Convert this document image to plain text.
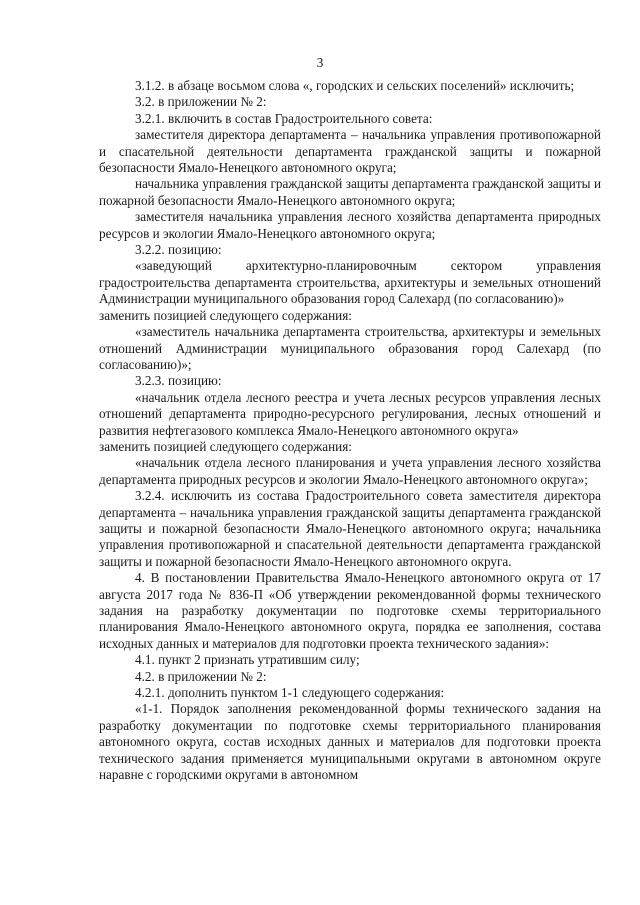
3

3.1.2. в абзаце восьмом слова «, городских и сельских поселений» исключить;

3.2. в приложении № 2:

3.2.1. включить в состав Градостроительного совета:

заместителя директора департамента – начальника управления противопожарной и спасательной деятельности департамента гражданской защиты и пожарной безопасности Ямало-Ненецкого автономного округа;

начальника управления гражданской защиты департамента гражданской защиты и пожарной безопасности Ямало-Ненецкого автономного округа;

заместителя начальника управления лесного хозяйства департамента природных ресурсов и экологии Ямало-Ненецкого автономного округа;

3.2.2. позицию:

«заведующий архитектурно-планировочным сектором управления градостроительства департамента строительства, архитектуры и земельных отношений Администрации муниципального образования город Салехард (по согласованию)»

заменить позицией следующего содержания:

«заместитель начальника департамента строительства, архитектуры и земельных отношений Администрации муниципального образования город Салехард (по согласованию)»;

3.2.3. позицию:

«начальник отдела лесного реестра и учета лесных ресурсов управления лесных отношений департамента природно-ресурсного регулирования, лесных отношений и развития нефтегазового комплекса Ямало-Ненецкого автономного округа»

заменить позицией следующего содержания:

«начальник отдела лесного планирования и учета управления лесного хозяйства департамента природных ресурсов и экологии Ямало-Ненецкого автономного округа»;

3.2.4. исключить из состава Градостроительного совета заместителя директора департамента – начальника управления гражданской защиты департамента гражданской защиты и пожарной безопасности Ямало-Ненецкого автономного округа; начальника управления противопожарной и спасательной деятельности департамента гражданской защиты и пожарной безопасности Ямало-Ненецкого автономного округа.

4. В постановлении Правительства Ямало-Ненецкого автономного округа от 17 августа 2017 года № 836-П «Об утверждении рекомендованной формы технического задания на разработку документации по подготовке схемы территориального планирования Ямало-Ненецкого автономного округа, порядка ее заполнения, состава исходных данных и материалов для подготовки проекта технического задания»:

4.1. пункт 2 признать утратившим силу;

4.2. в приложении № 2:

4.2.1. дополнить пунктом 1-1 следующего содержания:

«1-1. Порядок заполнения рекомендованной формы технического задания на разработку документации по подготовке схемы территориального планирования автономного округа, состав исходных данных и материалов для подготовки проекта технического задания применяется муниципальными округами в автономном округе наравне с городскими округами в автономном
